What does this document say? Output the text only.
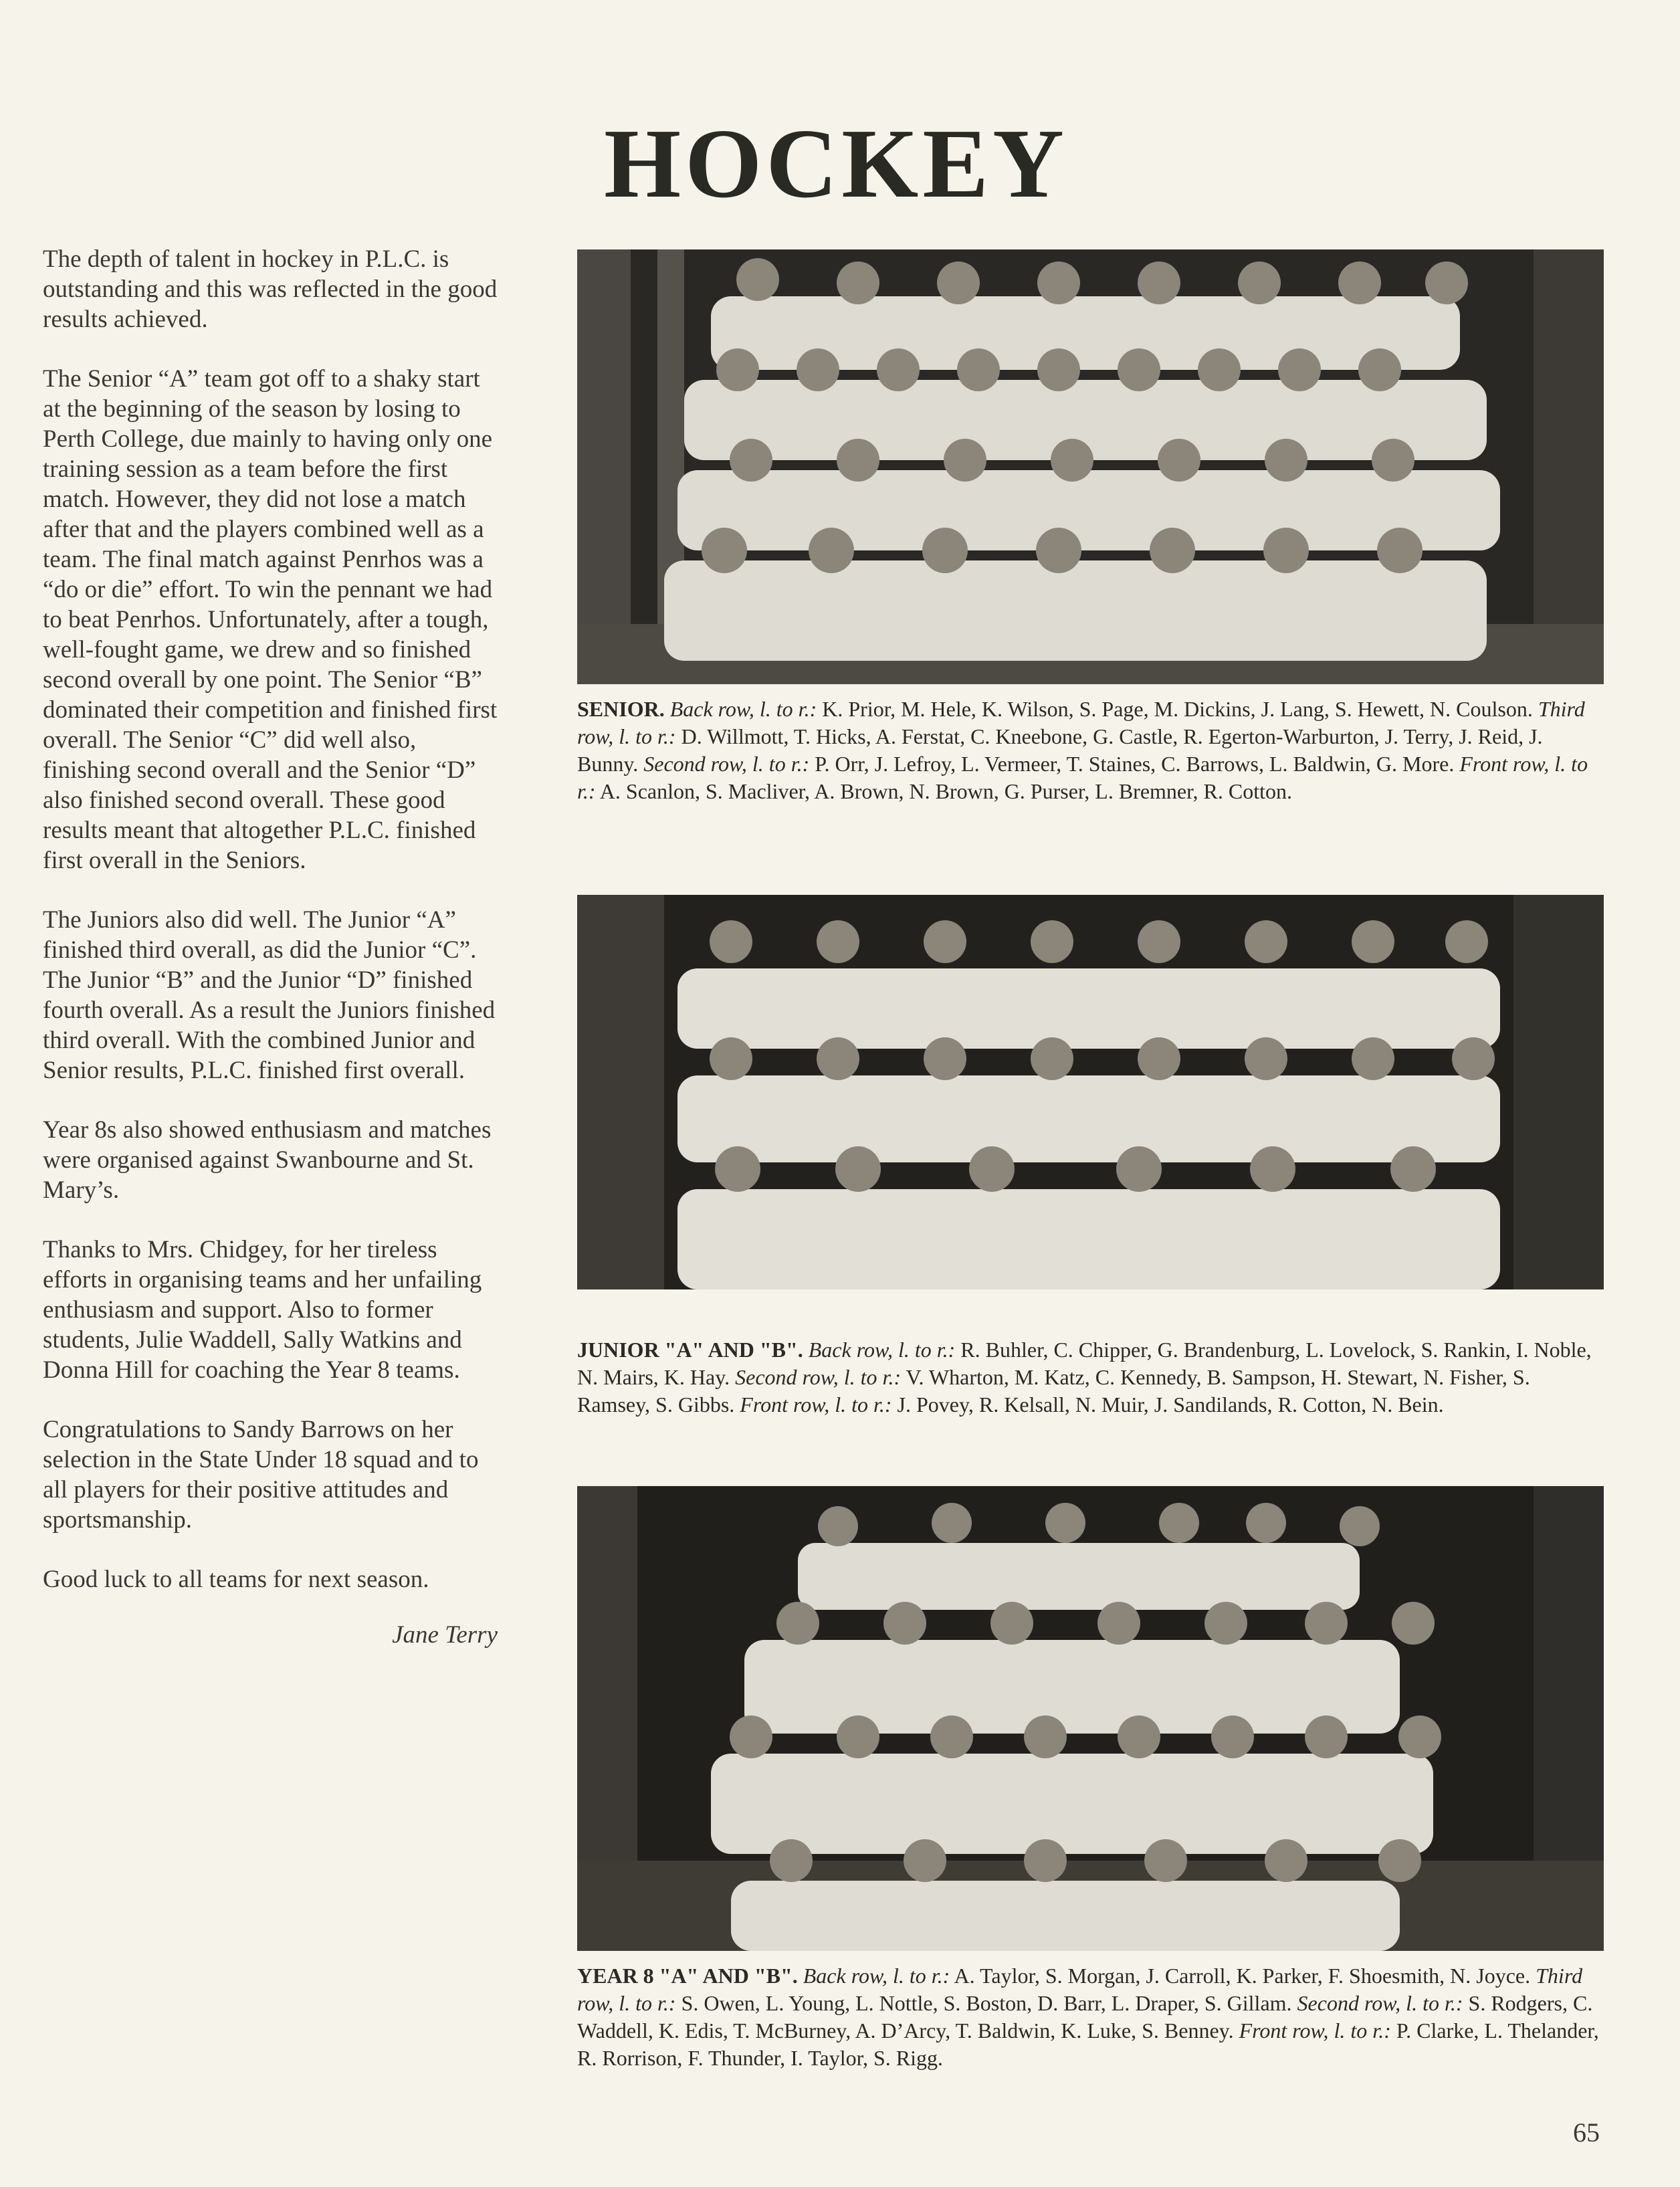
HOCKEY

The depth of talent in hockey in P.L.C. is outstanding and this was reflected in the good results achieved.

The Senior “A” team got off to a shaky start at the beginning of the season by losing to Perth College, due mainly to having only one training session as a team before the first match. However, they did not lose a match after that and the players combined well as a team. The final match against Penrhos was a “do or die” effort. To win the pennant we had to beat Penrhos. Unfortunately, after a tough, well-fought game, we drew and so finished second overall by one point. The Senior “B” dominated their competition and finished first overall. The Senior “C” did well also, finishing second overall and the Senior “D” also finished second overall. These good results meant that altogether P.L.C. finished first overall in the Seniors.

The Juniors also did well. The Junior “A” finished third overall, as did the Junior “C”. The Junior “B” and the Junior “D” finished fourth overall. As a result the Juniors finished third overall. With the combined Junior and Senior results, P.L.C. finished first overall.

Year 8s also showed enthusiasm and matches were organised against Swanbourne and St. Mary’s.

Thanks to Mrs. Chidgey, for her tireless efforts in organising teams and her unfailing enthusiasm and support. Also to former students, Julie Waddell, Sally Watkins and Donna Hill for coaching the Year 8 teams.

Congratulations to Sandy Barrows on her selection in the State Under 18 squad and to all players for their positive attitudes and sportsmanship.

Good luck to all teams for next season.

Jane Terry
SENIOR. Back row, l. to r.: K. Prior, M. Hele, K. Wilson, S. Page, M. Dickins, J. Lang, S. Hewett, N. Coulson. Third row, l. to r.: D. Willmott, T. Hicks, A. Ferstat, C. Kneebone, G. Castle, R. Egerton-Warburton, J. Terry, J. Reid, J. Bunny. Second row, l. to r.: P. Orr, J. Lefroy, L. Vermeer, T. Staines, C. Barrows, L. Baldwin, G. More. Front row, l. to r.: A. Scanlon, S. Macliver, A. Brown, N. Brown, G. Purser, L. Bremner, R. Cotton.
JUNIOR "A" AND "B". Back row, l. to r.: R. Buhler, C. Chipper, G. Brandenburg, L. Lovelock, S. Rankin, I. Noble, N. Mairs, K. Hay. Second row, l. to r.: V. Wharton, M. Katz, C. Kennedy, B. Sampson, H. Stewart, N. Fisher, S. Ramsey, S. Gibbs. Front row, l. to r.: J. Povey, R. Kelsall, N. Muir, J. Sandilands, R. Cotton, N. Bein.
YEAR 8 "A" AND "B". Back row, l. to r.: A. Taylor, S. Morgan, J. Carroll, K. Parker, F. Shoesmith, N. Joyce. Third row, l. to r.: S. Owen, L. Young, L. Nottle, S. Boston, D. Barr, L. Draper, S. Gillam. Second row, l. to r.: S. Rodgers, C. Waddell, K. Edis, T. McBurney, A. D’Arcy, T. Baldwin, K. Luke, S. Benney. Front row, l. to r.: P. Clarke, L. Thelander, R. Rorrison, F. Thunder, I. Taylor, S. Rigg.
65
